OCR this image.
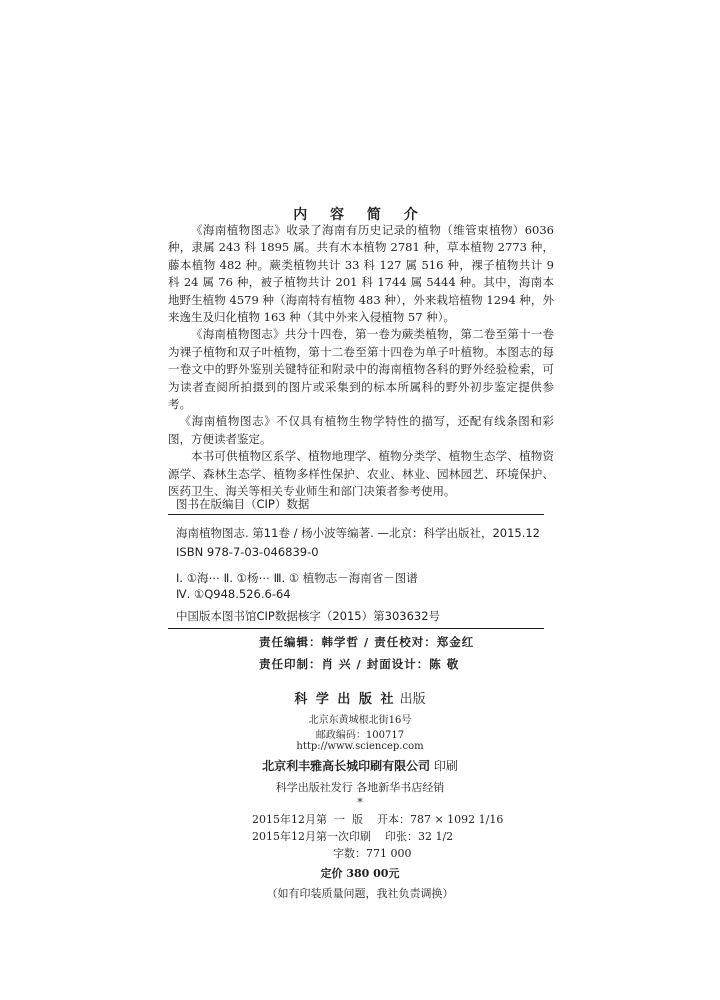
内 容 简 介

《海南植物图志》收录了海南有历史记录的植物（维管束植物）6036种，隶属 243 科 1895 属。共有木本植物 2781 种，草本植物 2773 种，藤本植物 482 种。蕨类植物共计 33 科 127 属 516 种，裸子植物共计 9 科 24 属 76 种，被子植物共计 201 科 1744 属 5444 种。其中，海南本地野生植物 4579 种（海南特有植物 483 种），外来栽培植物 1294 种，外来逸生及归化植物 163 种（其中外来入侵植物 57 种）。

《海南植物图志》共分十四卷，第一卷为蕨类植物，第二卷至第十一卷为裸子植物和双子叶植物，第十二卷至第十四卷为单子叶植物。本图志的每一卷文中的野外鉴别关键特征和附录中的海南植物各科的野外经验检索，可为读者查阅所拍摄到的图片或采集到的标本所属科的野外初步鉴定提供参考。

《海南植物图志》不仅具有植物生物学特性的描写，还配有线条图和彩图，方便读者鉴定。

本书可供植物区系学、植物地理学、植物分类学、植物生态学、植物资源学、森林生态学、植物多样性保护、农业、林业、园林园艺、环境保护、医药卫生、海关等相关专业师生和部门决策者参考使用。

图书在版编目（CIP）数据
海南植物图志. 第11卷 / 杨小波等编著. —北京：科学出版社，2015.12
ISBN 978-7-03-046839-0
Ⅰ. ①海⋯ Ⅱ. ①杨⋯ Ⅲ. ① 植物志－海南省－图谱
Ⅳ. ①Q948.526.6-64
中国版本图书馆CIP数据核字（2015）第303632号
责任编辑：韩学哲 / 责任校对：郑金红
责任印制：肖 兴 / 封面设计：陈 敬
科 学 出 版 社 出版
北京东黄城根北街16号
邮政编码：100717
http://www.sciencep.com
北京利丰雅高长城印刷有限公司 印刷
科学出版社发行 各地新华书店经销
*
2015年12月第  一  版    开本：787 × 1092 1/16
2015年12月第一次印刷    印张：32 1/2
字数：771 000
定价 380 00元
（如有印装质量问题，我社负责调换）
